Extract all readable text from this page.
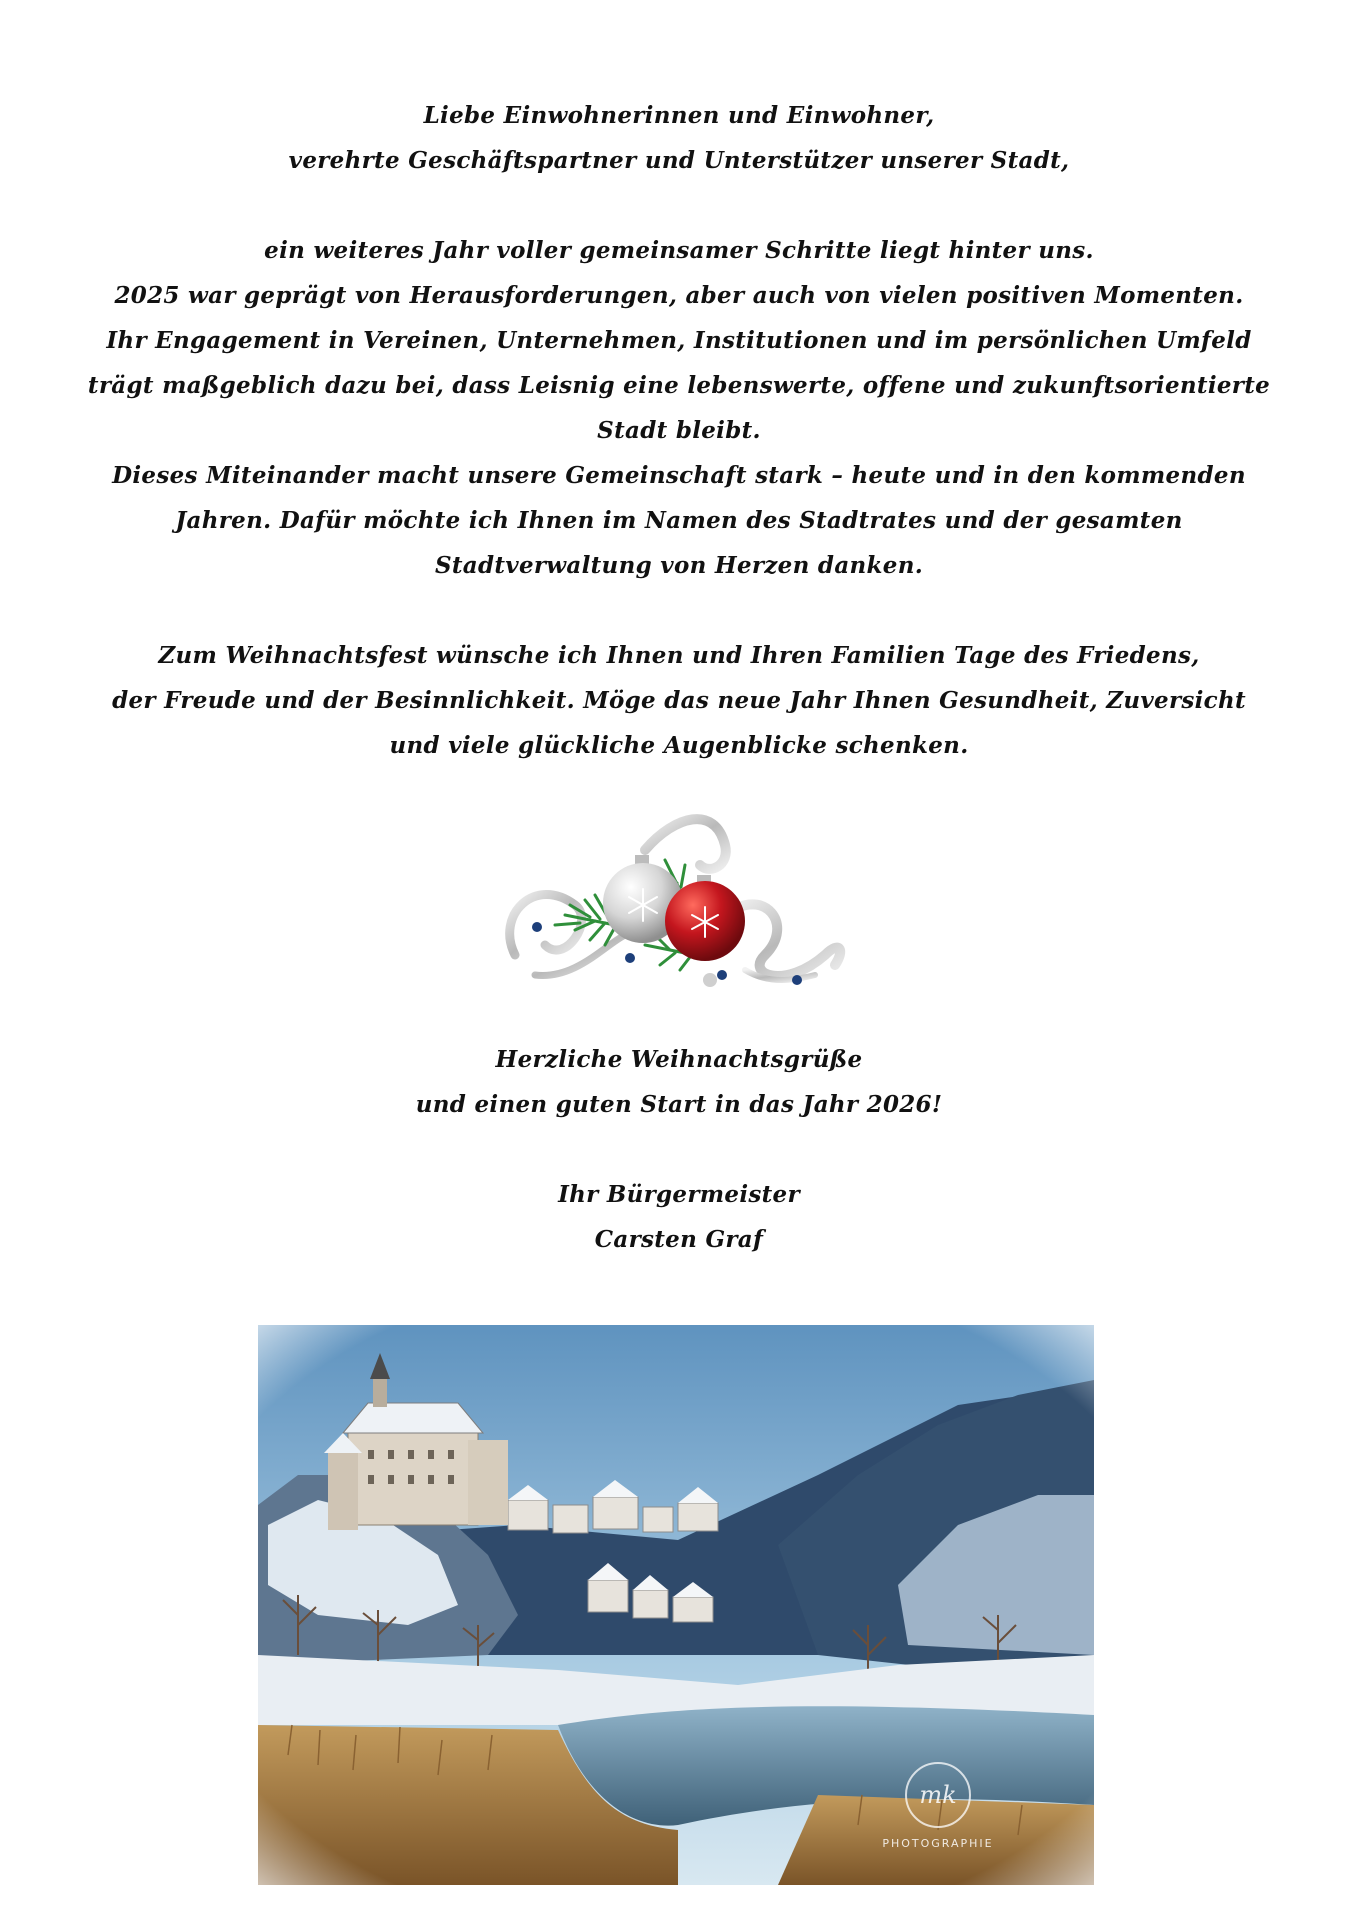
Liebe Einwohnerinnen und Einwohner,
verehrte Geschäftspartner und Unterstützer unserer Stadt,
ein weiteres Jahr voller gemeinsamer Schritte liegt hinter uns.
2025 war geprägt von Herausforderungen, aber auch von vielen positiven Momenten.
Ihr Engagement in Vereinen, Unternehmen, Institutionen und im persönlichen Umfeld
trägt maßgeblich dazu bei, dass Leisnig eine lebenswerte, offene und zukunftsorientierte
Stadt bleibt.
Dieses Miteinander macht unsere Gemeinschaft stark – heute und in den kommenden
Jahren. Dafür möchte ich Ihnen im Namen des Stadtrates und der gesamten
Stadtverwaltung von Herzen danken.
Zum Weihnachtsfest wünsche ich Ihnen und Ihren Familien Tage des Friedens,
der Freude und der Besinnlichkeit. Möge das neue Jahr Ihnen Gesundheit, Zuversicht
und viele glückliche Augenblicke schenken.
Herzliche Weihnachtsgrüße
und einen guten Start in das Jahr 2026!
Ihr Bürgermeister
Carsten Graf
